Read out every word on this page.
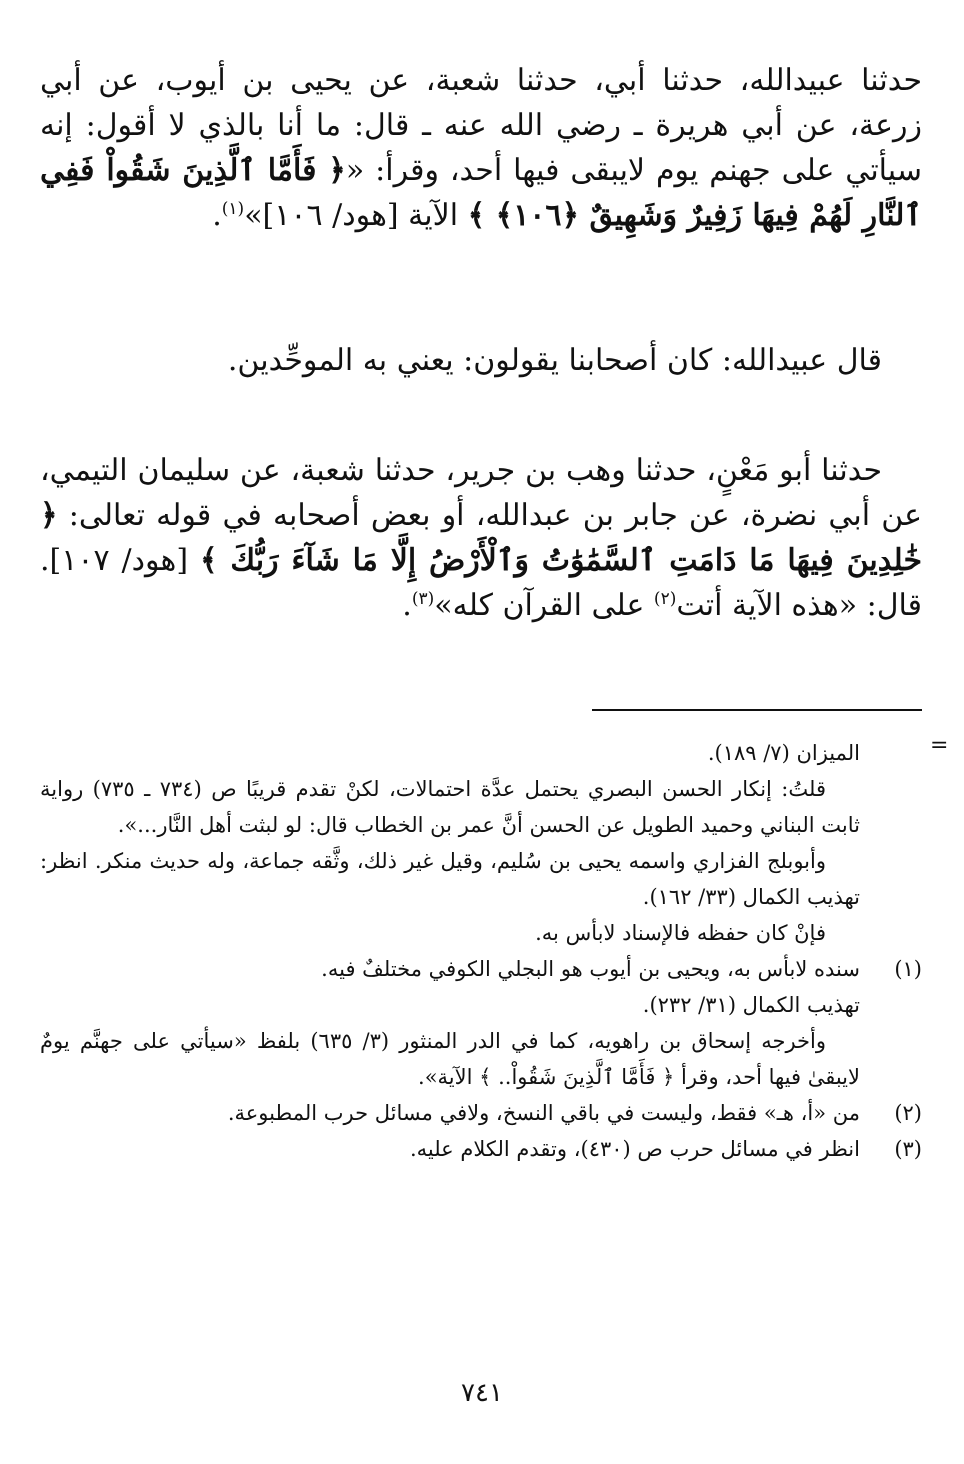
حدثنا عبيدالله، حدثنا أبي، حدثنا شعبة، عن يحيى بن أيوب، عن أبي زرعة، عن أبي هريرة ـ رضي الله عنه ـ قال: ما أنا بالذي لا أقول: إنه سيأتي على جهنم يوم لايبقى فيها أحد، وقرأ: «﴿ فَأَمَّا ٱلَّذِينَ شَقُواْ فَفِي ٱلنَّارِ لَهُمْ فِيهَا زَفِيرٌ وَشَهِيقٌ ﴿١٠٦﴾ ﴾ الآية [هود/ ١٠٦]»$^{(١)}$.

قال عبيدالله: كان أصحابنا يقولون: يعني به الموحِّدين.

حدثنا أبو مَعْنٍ، حدثنا وهب بن جرير، حدثنا شعبة، عن سليمان التيمي، عن أبي نضرة، عن جابر بن عبدالله، أو بعض أصحابه في قوله تعالى: ﴿ خَٰلِدِينَ فِيهَا مَا دَامَتِ ٱلسَّمَٰوَٰتُ وَٱلْأَرْضُ إِلَّا مَا شَآءَ رَبُّكَ ﴾ [هود/ ١٠٧]. قال: «هذه الآية أتت$^{(٢)}$ على القرآن كله»$^{(٣)}$.

=

الميزان (٧/ ١٨٩).

قلتُ: إنكار الحسن البصري يحتمل عدَّة احتمالات، لكنْ تقدم قريبًا ص (٧٣٤ ـ ٧٣٥) رواية ثابت البناني وحميد الطويل عن الحسن أنَّ عمر بن الخطاب قال: لو لبثت أهل النَّار...».

وأبوبلج الفزاري واسمه يحيى بن سُليم، وقيل غير ذلك، وثَّقه جماعة، وله حديث منكر. انظر: تهذيب الكمال (٣٣/ ١٦٢).

فإنْ كان حفظه فالإسناد لابأس به.

(١)
سنده لابأس به، ويحيى بن أيوب هو البجلي الكوفي مختلفٌ فيه.

تهذيب الكمال (٣١/ ٢٣٢).

وأخرجه إسحاق بن راهويه، كما في الدر المنثور (٣/ ٦٣٥) بلفظ «سيأتي على جهنَّم يومٌ لايبقىٰ فيها أحد، وقرأ ﴿ فَأَمَّا ٱلَّذِينَ شَقُواْ.. ﴾ الآية».

(٢)
من «أ، هـ» فقط، وليست في باقي النسخ، ولافي مسائل حرب المطبوعة.

(٣)
انظر في مسائل حرب ص (٤٣٠)، وتقدم الكلام عليه.

٧٤١
